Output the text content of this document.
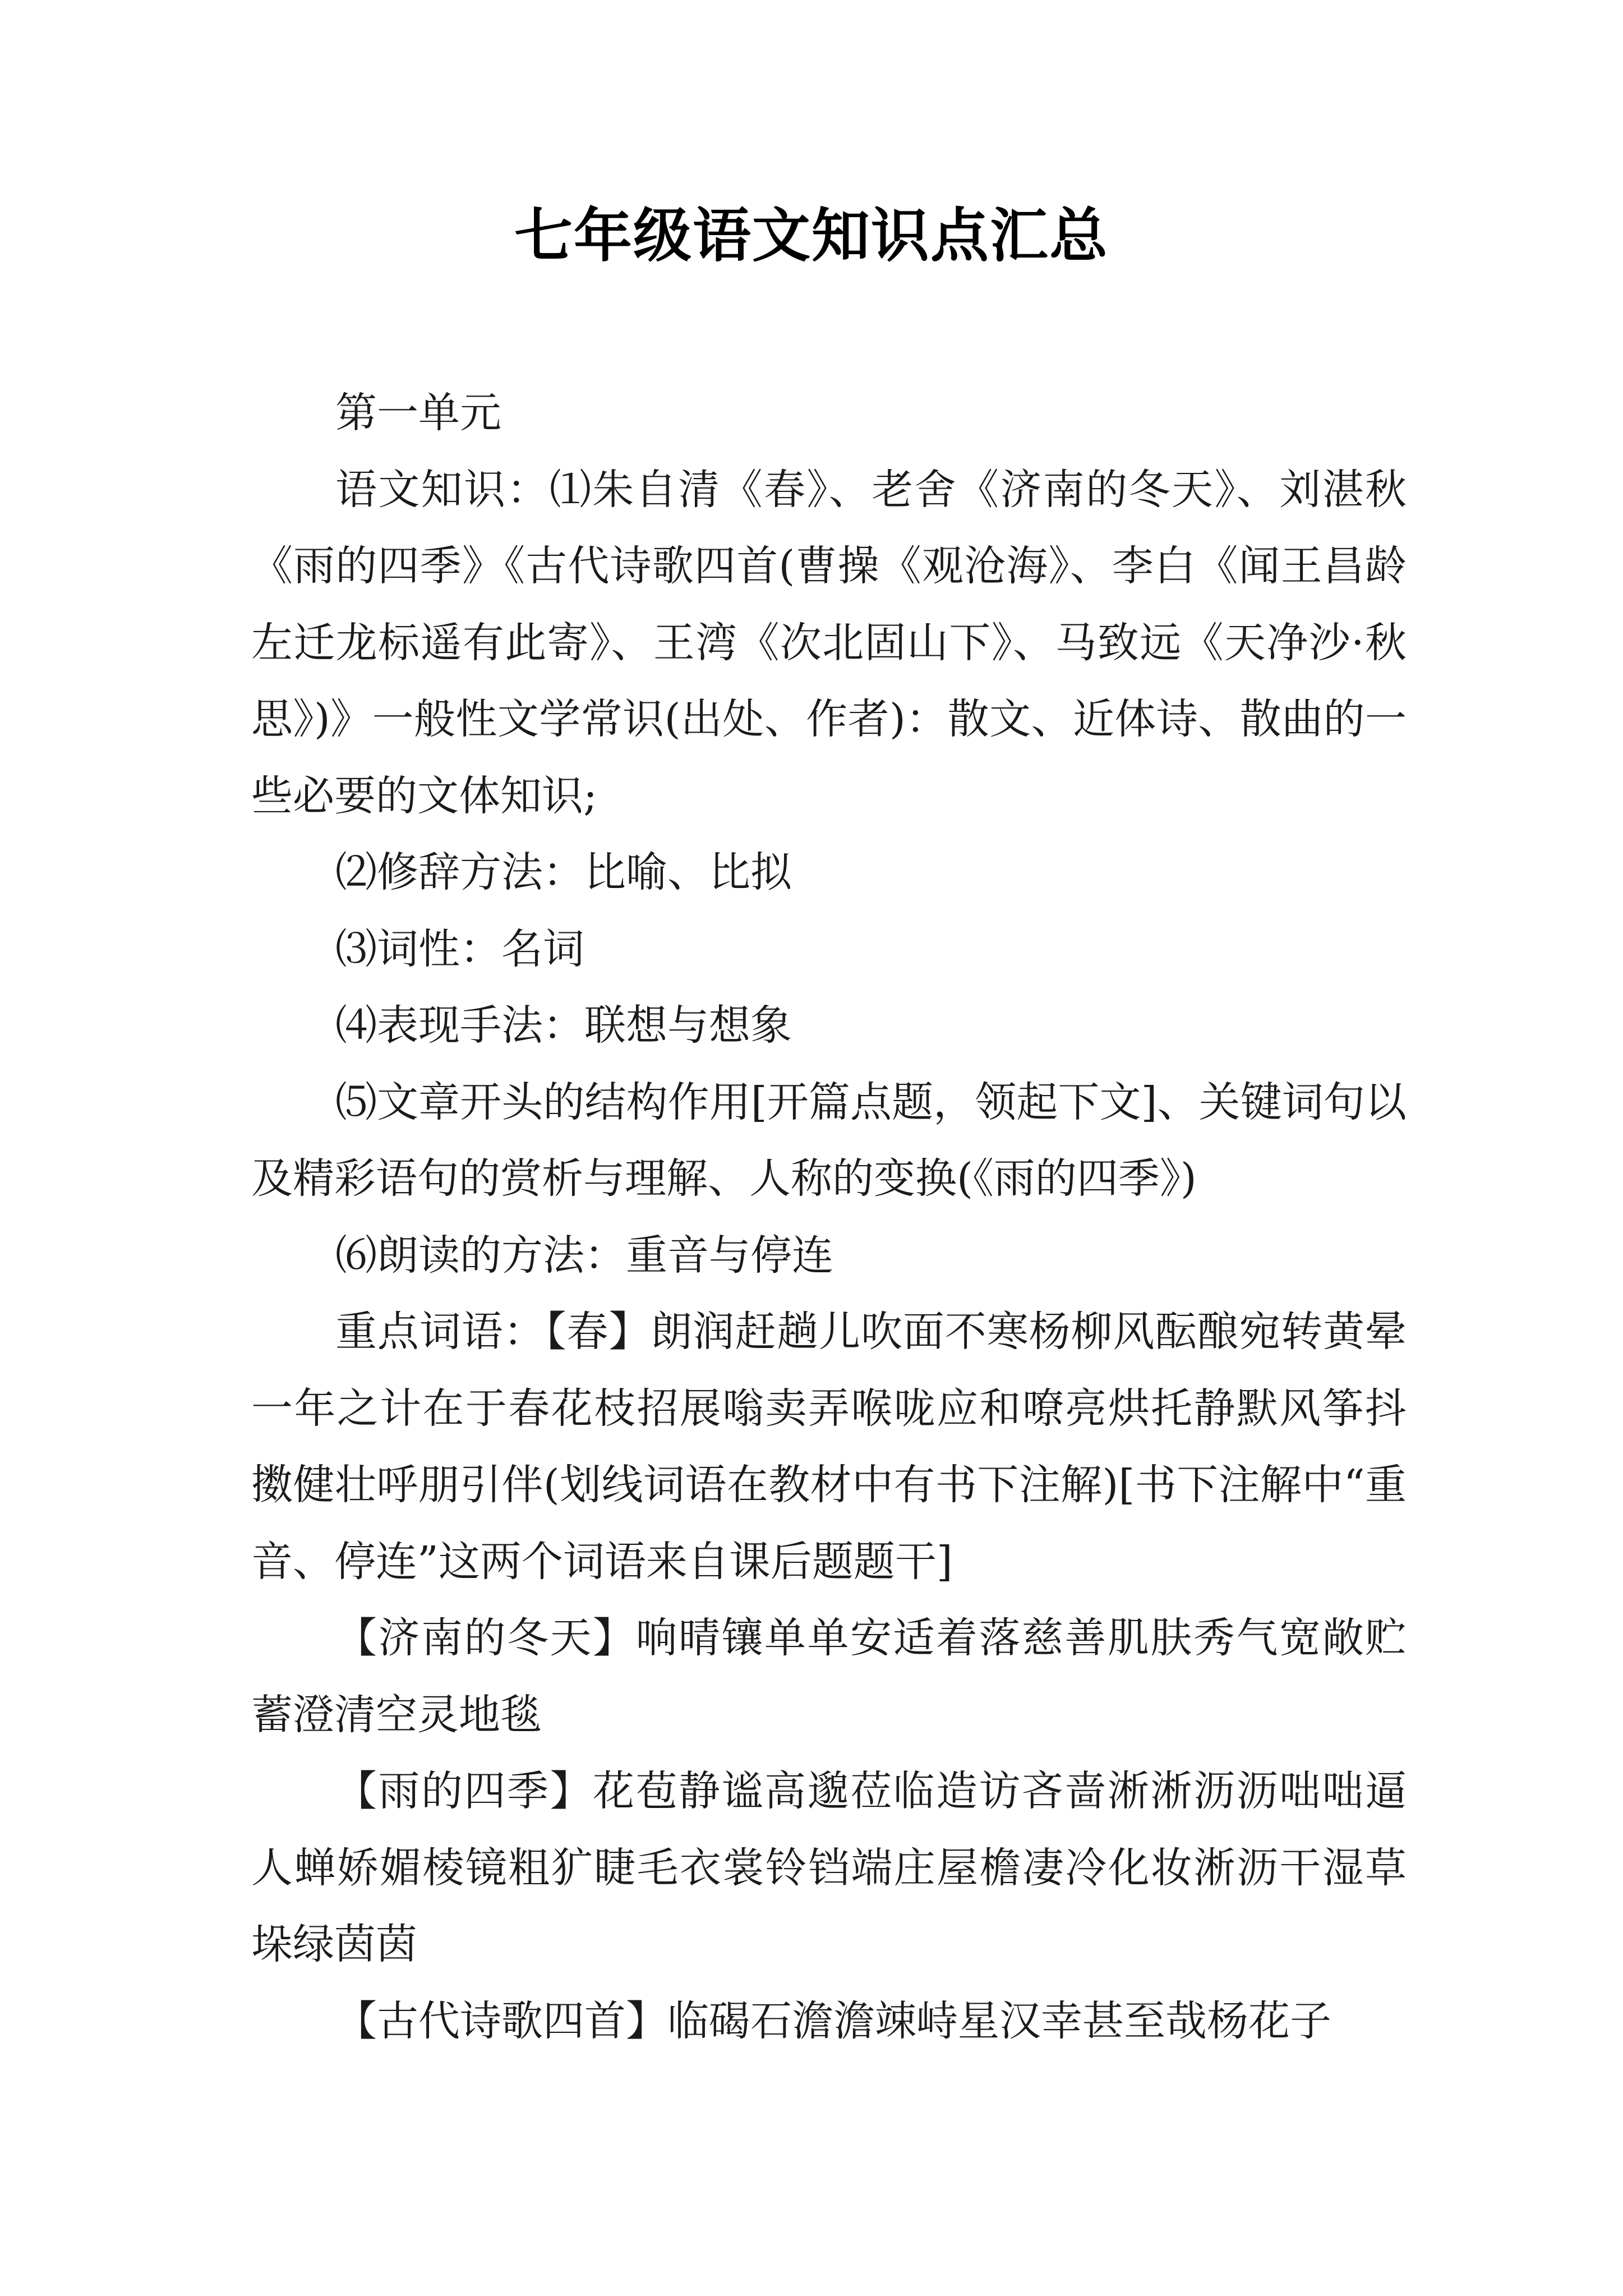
七年级语文知识点汇总

第一单元

语文知识：⑴朱自清《春》、老舍《济南的冬天》、刘湛秋《雨的四季》《古代诗歌四首(曹操《观沧海》、李白《闻王昌龄左迁龙标遥有此寄》、王湾《次北固山下》、马致远《天净沙·秋思》)》一般性文学常识(出处、作者)：散文、近体诗、散曲的一些必要的文体知识;

⑵修辞方法：比喻、比拟

⑶词性：名词

⑷表现手法：联想与想象

⑸文章开头的结构作用[开篇点题，领起下文]、关键词句以及精彩语句的赏析与理解、人称的变换(《雨的四季》)

⑹朗读的方法：重音与停连

重点词语：【春】朗润赶趟儿吹面不寒杨柳风酝酿宛转黄晕一年之计在于春花枝招展嗡卖弄喉咙应和嘹亮烘托静默风筝抖擞健壮呼朋引伴(划线词语在教材中有书下注解)[书下注解中“重音、停连”这两个词语来自课后题题干]

【济南的冬天】响晴镶单单安适着落慈善肌肤秀气宽敞贮蓄澄清空灵地毯

【雨的四季】花苞静谧高邈莅临造访吝啬淅淅沥沥咄咄逼人蝉娇媚棱镜粗犷睫毛衣裳铃铛端庄屋檐凄冷化妆淅沥干湿草垛绿茵茵

【古代诗歌四首】临碣石澹澹竦峙星汉幸甚至哉杨花子
